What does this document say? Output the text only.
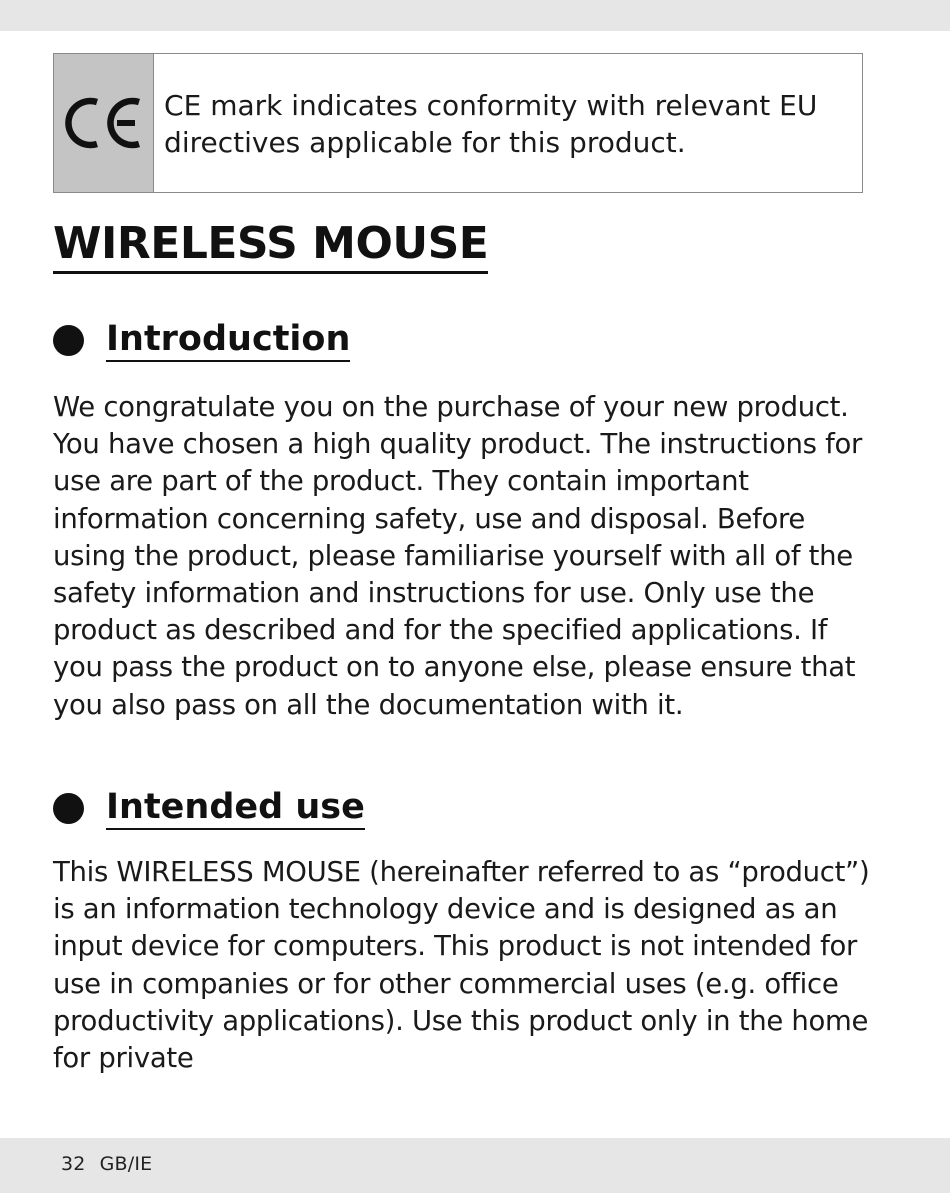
CE mark indicates conformity with relevant EU directives applicable for this product.
WIRELESS MOUSE
Introduction

We congratulate you on the purchase of your new product. You have chosen a high quality product. The instructions for use are part of the product. They contain important information concerning safety, use and disposal. Before using the product, please familiarise yourself with all of the safety information and instructions for use. Only use the product as described and for the specified applications. If you pass the product on to anyone else, please ensure that you also pass on all the documentation with it.

Intended use

This WIRELESS MOUSE (hereinafter referred to as “product”) is an information technology device and is designed as an input device for computers. This product is not intended for use in companies or for other commercial uses (e.g. office productivity applications). Use this product only in the home for private

32 GB/IE
